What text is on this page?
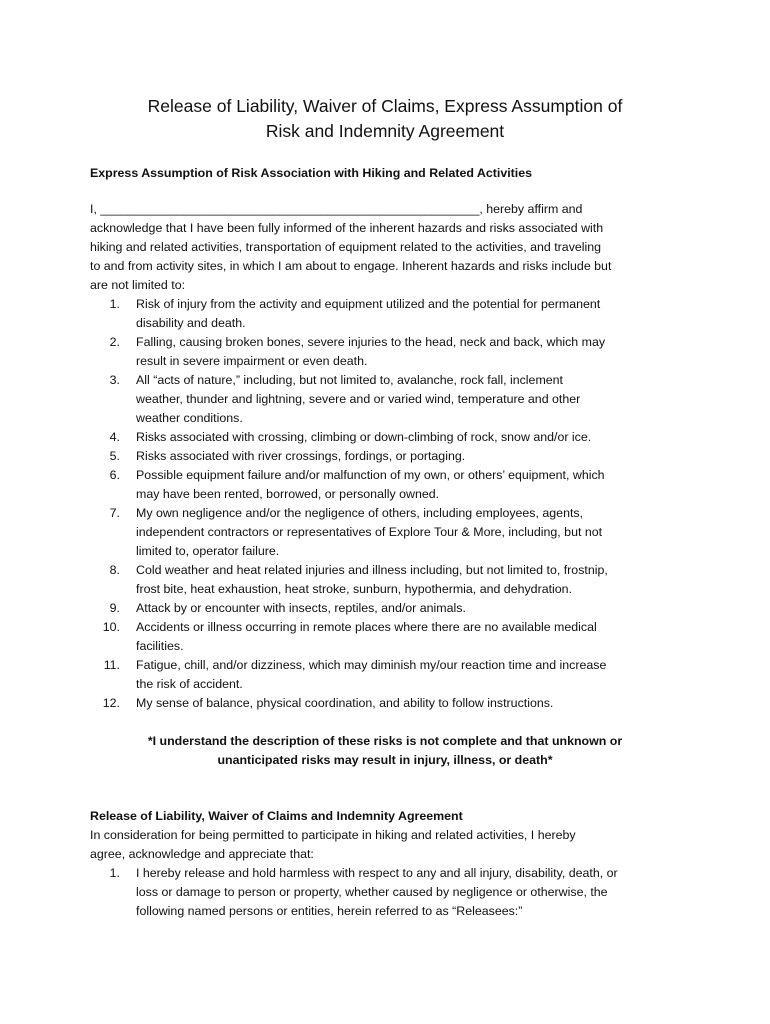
Release of Liability, Waiver of Claims, Express Assumption of
Risk and Indemnity Agreement
Express Assumption of Risk Association with Hiking and Related Activities
I, _______________________________________________________, hereby affirm and
acknowledge that I have been fully informed of the inherent hazards and risks associated with
hiking and related activities, transportation of equipment related to the activities, and traveling
to and from activity sites, in which I am about to engage. Inherent hazards and risks include but
are not limited to:
1. Risk of injury from the activity and equipment utilized and the potential for permanent
disability and death.
2. Falling, causing broken bones, severe injuries to the head, neck and back, which may
result in severe impairment or even death.
3. All “acts of nature,” including, but not limited to, avalanche, rock fall, inclement
weather, thunder and lightning, severe and or varied wind, temperature and other
weather conditions.
4. Risks associated with crossing, climbing or down-climbing of rock, snow and/or ice.
5. Risks associated with river crossings, fordings, or portaging.
6. Possible equipment failure and/or malfunction of my own, or others’ equipment, which
may have been rented, borrowed, or personally owned.
7. My own negligence and/or the negligence of others, including employees, agents,
independent contractors or representatives of Explore Tour & More, including, but not
limited to, operator failure.
8. Cold weather and heat related injuries and illness including, but not limited to, frostnip,
frost bite, heat exhaustion, heat stroke, sunburn, hypothermia, and dehydration.
9. Attack by or encounter with insects, reptiles, and/or animals.
10. Accidents or illness occurring in remote places where there are no available medical
facilities.
11. Fatigue, chill, and/or dizziness, which may diminish my/our reaction time and increase
the risk of accident.
12. My sense of balance, physical coordination, and ability to follow instructions.
*I understand the description of these risks is not complete and that unknown or
unanticipated risks may result in injury, illness, or death*
Release of Liability, Waiver of Claims and Indemnity Agreement
In consideration for being permitted to participate in hiking and related activities, I hereby
agree, acknowledge and appreciate that:
1. I hereby release and hold harmless with respect to any and all injury, disability, death, or
loss or damage to person or property, whether caused by negligence or otherwise, the
following named persons or entities, herein referred to as “Releasees:”
